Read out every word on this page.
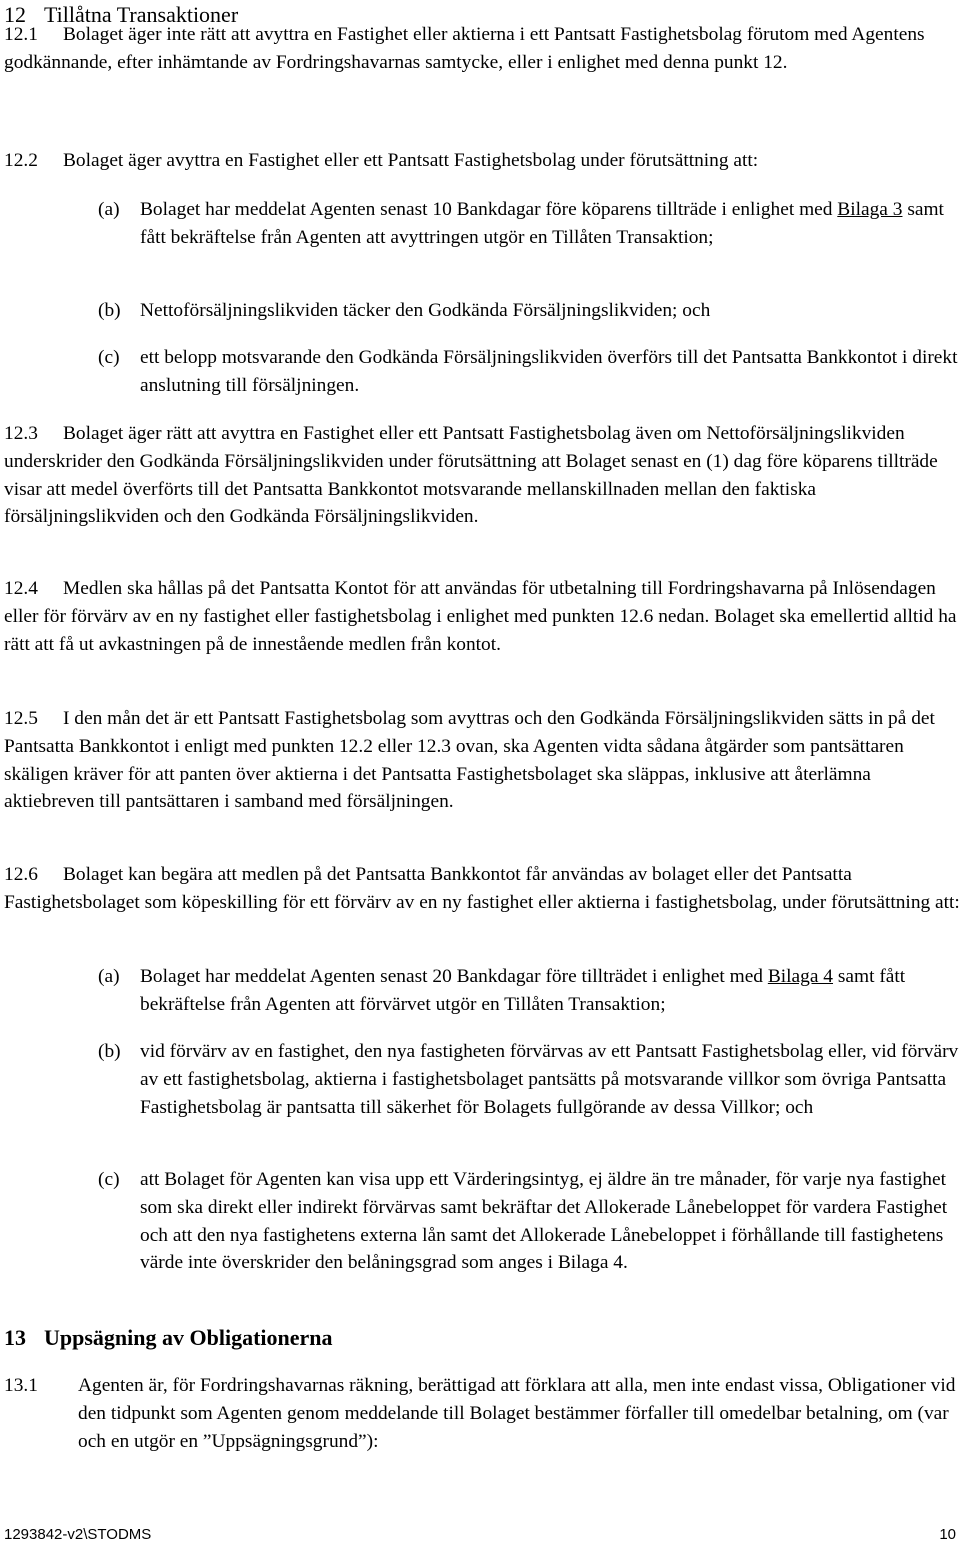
12 Tillåtna Transaktioner
12.1	Bolaget äger inte rätt att avyttra en Fastighet eller aktierna i ett Pantsatt Fastighetsbolag förutom med Agentens godkännande, efter inhämtande av Fordringshavarnas samtycke, eller i enlighet med denna punkt 12.
12.2	Bolaget äger avyttra en Fastighet eller ett Pantsatt Fastighetsbolag under förutsättning att:
(a) Bolaget har meddelat Agenten senast 10 Bankdagar före köparens tillträde i enlighet med Bilaga 3 samt fått bekräftelse från Agenten att avyttringen utgör en Tillåten Transaktion;
(b) Nettoförsäljningslikviden täcker den Godkända Försäljningslikviden; och
(c) ett belopp motsvarande den Godkända Försäljningslikviden överförs till det Pantsatta Bankkontot i direkt anslutning till försäljningen.
12.3	Bolaget äger rätt att avyttra en Fastighet eller ett Pantsatt Fastighetsbolag även om Nettoförsäljningslikviden underskrider den Godkända Försäljningslikviden under förutsättning att Bolaget senast en (1) dag före köparens tillträde visar att medel överförts till det Pantsatta Bankkontot motsvarande mellanskillnaden mellan den faktiska försäljningslikviden och den Godkända Försäljningslikviden.
12.4	Medlen ska hållas på det Pantsatta Kontot för att användas för utbetalning till Fordringshavarna på Inlösendagen eller för förvärv av en ny fastighet eller fastighetsbolag i enlighet med punkten 12.6 nedan. Bolaget ska emellertid alltid ha rätt att få ut avkastningen på de innestående medlen från kontot.
12.5	I den mån det är ett Pantsatt Fastighetsbolag som avyttras och den Godkända Försäljningslikviden sätts in på det Pantsatta Bankkontot i enligt med punkten 12.2 eller 12.3 ovan, ska Agenten vidta sådana åtgärder som pantsättaren skäligen kräver för att panten över aktierna i det Pantsatta Fastighetsbolaget ska släppas, inklusive att återlämna aktiebreven till pantsättaren i samband med försäljningen.
12.6	Bolaget kan begära att medlen på det Pantsatta Bankkontot får användas av bolaget eller det Pantsatta Fastighetsbolaget som köpeskilling för ett förvärv av en ny fastighet eller aktierna i fastighetsbolag, under förutsättning att:
(a) Bolaget har meddelat Agenten senast 20 Bankdagar före tillträdet i enlighet med Bilaga 4 samt fått bekräftelse från Agenten att förvärvet utgör en Tillåten Transaktion;
(b) vid förvärv av en fastighet, den nya fastigheten förvärvas av ett Pantsatt Fastighetsbolag eller, vid förvärv av ett fastighetsbolag, aktierna i fastighetsbolaget pantsätts på motsvarande villkor som övriga Pantsatta Fastighetsbolag är pantsatta till säkerhet för Bolagets fullgörande av dessa Villkor; och
(c) att Bolaget för Agenten kan visa upp ett Värderingsintyg, ej äldre än tre månader, för varje nya fastighet som ska direkt eller indirekt förvärvas samt bekräftar det Allokerade Lånebeloppet för vardera Fastighet och att den nya fastighetens externa lån samt det Allokerade Lånebeloppet i förhållande till fastighetens värde inte överskrider den belåningsgrad som anges i Bilaga 4.
13 Uppsägning av Obligationerna
13.1 Agenten är, för Fordringshavarnas räkning, berättigad att förklara att alla, men inte endast vissa, Obligationer vid den tidpunkt som Agenten genom meddelande till Bolaget bestämmer förfaller till omedelbar betalning, om (var och en utgör en ”Uppsägningsgrund”):
1293842-v2\STODMS	10
